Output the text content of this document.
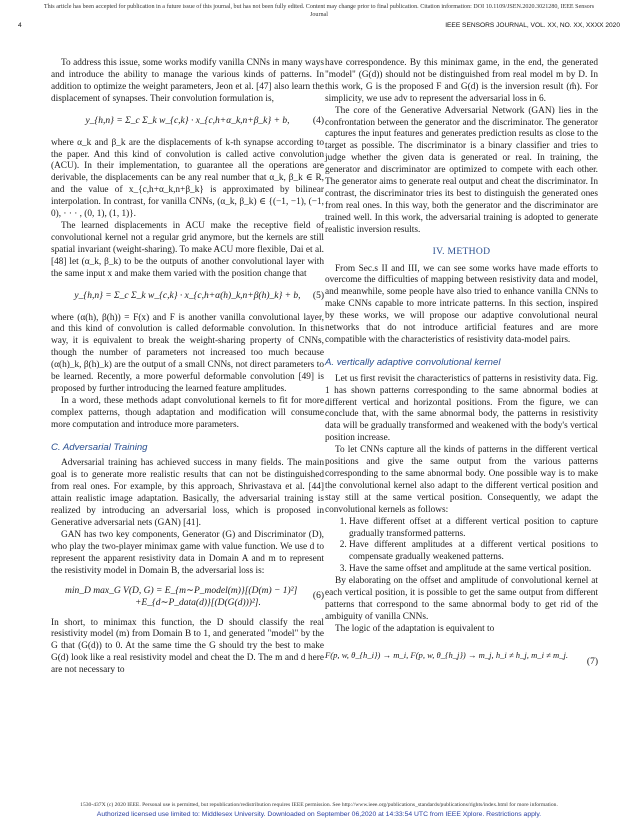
This article has been accepted for publication in a future issue of this journal, but has not been fully edited. Content may change prior to final publication. Citation information: DOI 10.1109/JSEN.2020.3021280, IEEE Sensors
Journal
4	IEEE SENSORS JOURNAL, VOL. XX, NO. XX, XXXX 2020

To address this issue, some works modify vanilla CNNs in many ways and introduce the ability to manage the various kinds of patterns. In addition to optimize the weight parameters, Jeon et al. [47] also learn the displacement of synapses. Their convolution formulation is,

y_{h,n} = Σ_c Σ_k w_{c,k} · x_{c,h+α_k,n+β_k} + b, (4)

where α_k and β_k are the displacements of k-th synapse according to the paper. And this kind of convolution is called active convolution (ACU). In their implementation, to guarantee all the operations are derivable, the displacements can be any real number that α_k, β_k ∈ R, and the value of x_{c,h+α_k,n+β_k} is approximated by bilinear interpolation. In contrast, for vanilla CNNs, (α_k, β_k) ∈ {(−1, −1), (−1, 0), · · · , (0, 1), (1, 1)}.

The learned displacements in ACU make the receptive field of convolutional kernel not a regular grid anymore, but the kernels are still spatial invariant (weight-sharing). To make ACU more flexible, Dai et al. [48] let (α_k, β_k) to be the outputs of another convolutional layer with the same input x and make them varied with the position change that

y_{h,n} = Σ_c Σ_k w_{c,k} · x_{c,h+α(h)_k,n+β(h)_k} + b, (5)

where (α(h), β(h)) = F(x) and F is another vanilla convolutional layer, and this kind of convolution is called deformable convolution. In this way, it is equivalent to break the weight-sharing property of CNNs, though the number of parameters not increased too much because (α(h)_k, β(h)_k) are the output of a small CNNs, not direct parameters to be learned. Recently, a more powerful deformable convolution [49] is proposed by further introducing the learned feature amplitudes.

In a word, these methods adapt convolutional kernels to fit for more complex patterns, though adaptation and modification will consume more computation and introduce more parameters.

C. Adversarial Training

Adversarial training has achieved success in many fields. The main goal is to generate more realistic results that can not be distinguished from real ones. For example, by this approach, Shrivastava et al. [44] attain realistic image adaptation. Basically, the adversarial training is realized by introducing an adversarial loss, which is proposed in Generative adversarial nets (GAN) [41].

GAN has two key components, Generator (G) and Discriminator (D), who play the two-player minimax game with value function. We use d to represent the apparent resistivity data in Domain A and m to represent the resistivity model in Domain B, the adversarial loss is:

min_D max_G V(D, G) = E_{m∼P_model(m)}[(D(m) − 1)²]
+E_{d∼P_data(d)}[(D(G(d)))²].
(6)

In short, to minimax this function, the D should classify the real resistivity model (m) from Domain B to 1, and generated "model" by the G that (G(d)) to 0. At the same time the G should try the best to make G(d) look like a real resistivity model and cheat the D. The m and d here are not necessary to

have correspondence. By this minimax game, in the end, the generated "model" (G(d)) should not be distinguished from real model m by D. In this work, G is the proposed F and G(d) is the inversion result (m̂). For simplicity, we use adv to represent the adversarial loss in 6.

The core of the Generative Adversarial Network (GAN) lies in the confrontation between the generator and the discriminator. The generator captures the input features and generates prediction results as close to the target as possible. The discriminator is a binary classifier and tries to judge whether the given data is generated or real. In training, the generator and discriminator are optimized to compete with each other. The generator aims to generate real output and cheat the discriminator. In contrast, the discriminator tries its best to distinguish the generated ones from real ones. In this way, both the generator and the discriminator are trained well. In this work, the adversarial training is adopted to generate realistic inversion results.

IV. METHOD

From Sec.s II and III, we can see some works have made efforts to overcome the difficulties of mapping between resistivity data and model, and meanwhile, some people have also tried to enhance vanilla CNNs to make CNNs capable to more intricate patterns. In this section, inspired by these works, we will propose our adaptive convolutional neural networks that do not introduce artificial features and are more compatible with the characteristics of resistivity data-model pairs.

A. vertically adaptive convolutional kernel

Let us first revisit the characteristics of patterns in resistivity data. Fig. 1 has shown patterns corresponding to the same abnormal bodies at different vertical and horizontal positions. From the figure, we can conclude that, with the same abnormal body, the patterns in resistivity data will be gradually transformed and weakened with the body's vertical position increase.

To let CNNs capture all the kinds of patterns in the different vertical positions and give the same output from the various patterns corresponding to the same abnormal body. One possible way is to make the convolutional kernel also adapt to the different vertical position and stay still at the same vertical position. Consequently, we adapt the convolutional kernels as follows:

1. Have different offset at a different vertical position to capture gradually transformed patterns.
2. Have different amplitudes at a different vertical positions to compensate gradually weakened patterns.
3. Have the same offset and amplitude at the same vertical position.

By elaborating on the offset and amplitude of convolutional kernel at each vertical position, it is possible to get the same output from different patterns that correspond to the same abnormal body to get rid of the ambiguity of vanilla CNNs.

The logic of the adaptation is equivalent to

F(p, w, θ_{h_i}) → m_i, F(p, w, θ_{h_j}) → m_j, h_i ≠ h_j, m_i ≠ m_j.
(7)
1530-437X (c) 2020 IEEE. Personal use is permitted, but republication/redistribution requires IEEE permission. See http://www.ieee.org/publications_standards/publications/rights/index.html for more information.
Authorized licensed use limited to: Middlesex University. Downloaded on September 06,2020 at 14:33:54 UTC from IEEE Xplore. Restrictions apply.
